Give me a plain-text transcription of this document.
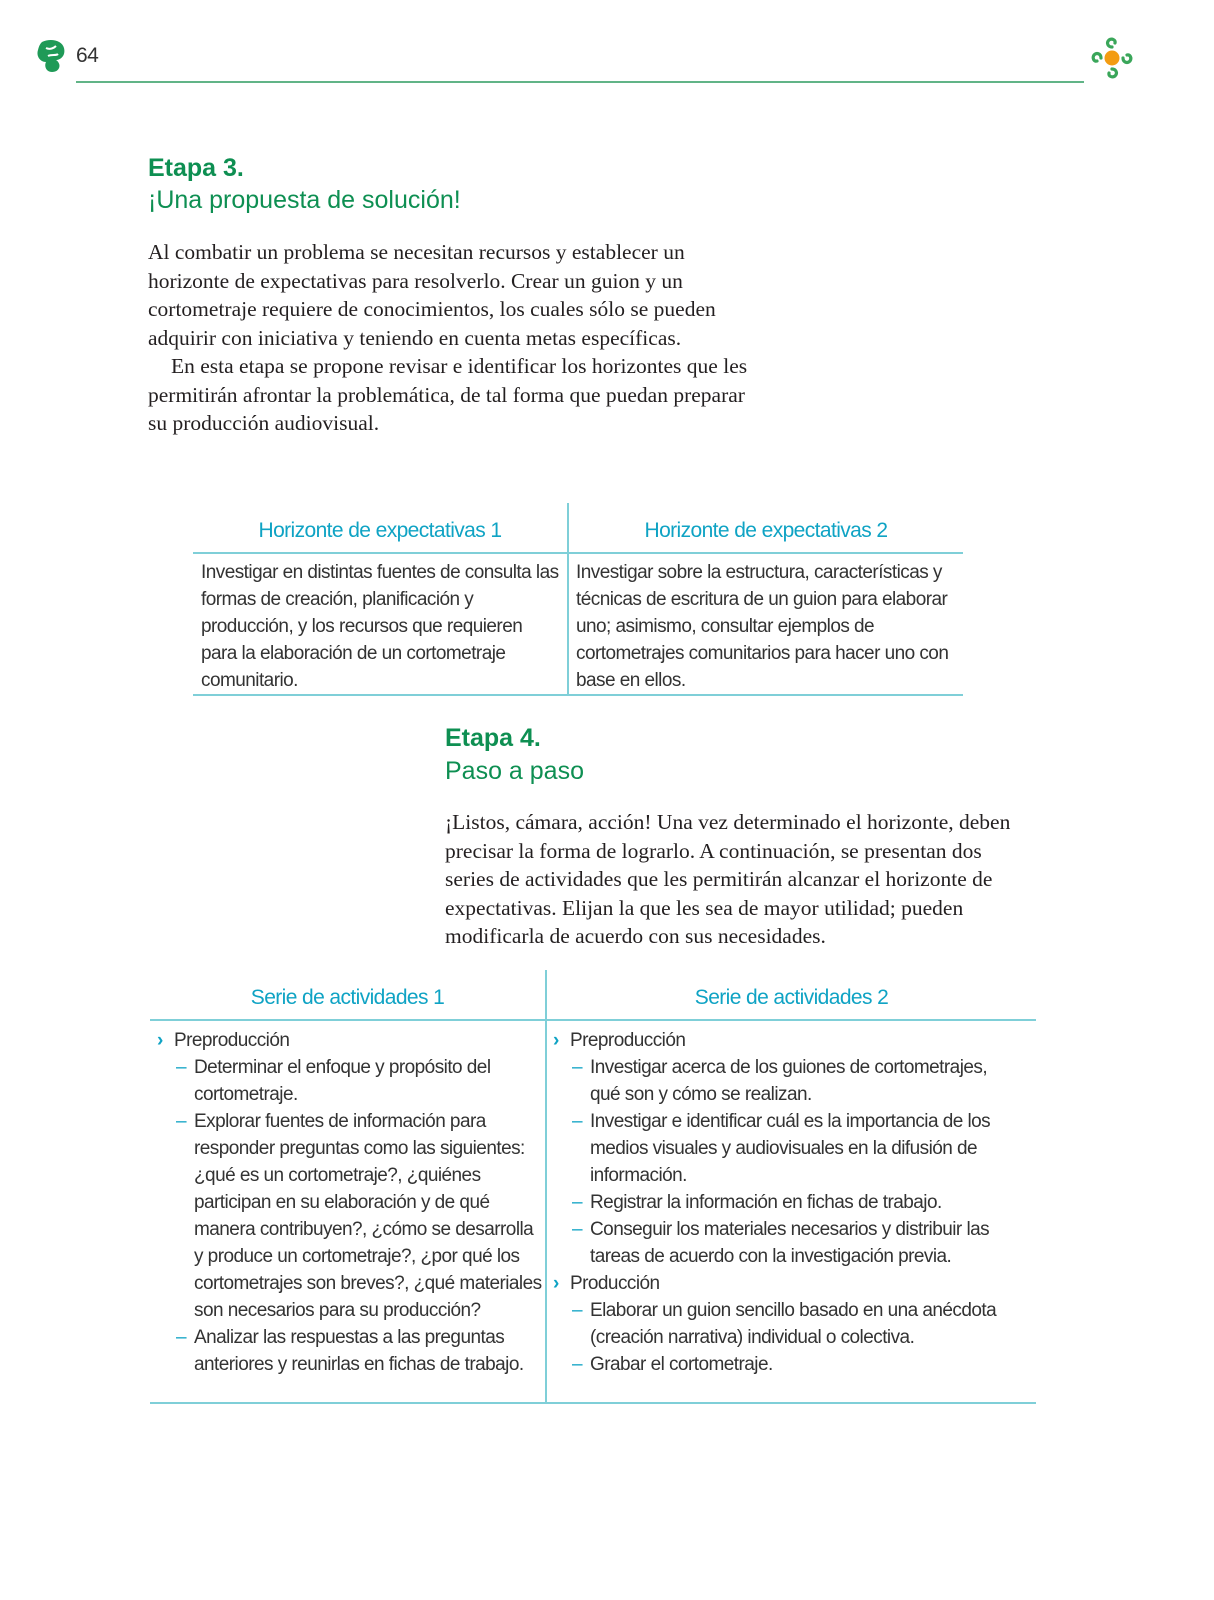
64
Etapa 3.
¡Una propuesta de solución!

Al combatir un problema se necesitan recursos y establecer un horizonte de expectativas para resolverlo. Crear un guion y un cortometraje requiere de conocimientos, los cuales sólo se pueden adquirir con iniciativa y teniendo en cuenta metas específicas.

En esta etapa se propone revisar e identificar los horizontes que les permitirán afrontar la problemática, de tal forma que puedan preparar su producción audiovisual.

Horizonte de expectativas 1	Horizonte de expectativas 2
Investigar en distintas fuentes de consulta las formas de creación, planificación y producción, y los recursos que requieren para la elaboración de un cortometraje comunitario.
Investigar sobre la estructura, características y técnicas de escritura de un guion para elaborar uno; asimismo, consultar ejemplos de cortometrajes comunitarios para hacer uno con base en ellos.
Etapa 4.
Paso a paso

¡Listos, cámara, acción! Una vez determinado el horizonte, deben precisar la forma de lograrlo. A continuación, se presentan dos series de actividades que les permitirán alcanzar el horizonte de expectativas. Elijan la que les sea de mayor utilidad; pueden modificarla de acuerdo con sus necesidades.

Serie de actividades 1	Serie de actividades 2
› Preproducción
– Determinar el enfoque y propósito del cortometraje.
– Explorar fuentes de información para responder preguntas como las siguientes: ¿qué es un cortometraje?, ¿quiénes participan en su elaboración y de qué manera contribuyen?, ¿cómo se desarrolla y produce un cortometraje?, ¿por qué los cortometrajes son breves?, ¿qué materiales son necesarios para su producción?
– Analizar las respuestas a las preguntas anteriores y reunirlas en fichas de trabajo.
› Preproducción
– Investigar acerca de los guiones de cortometrajes, qué son y cómo se realizan.
– Investigar e identificar cuál es la importancia de los medios visuales y audiovisuales en la difusión de información.
– Registrar la información en fichas de trabajo.
– Conseguir los materiales necesarios y distribuir las tareas de acuerdo con la investigación previa.
› Producción
– Elaborar un guion sencillo basado en una anécdota (creación narrativa) individual o colectiva.
– Grabar el cortometraje.
